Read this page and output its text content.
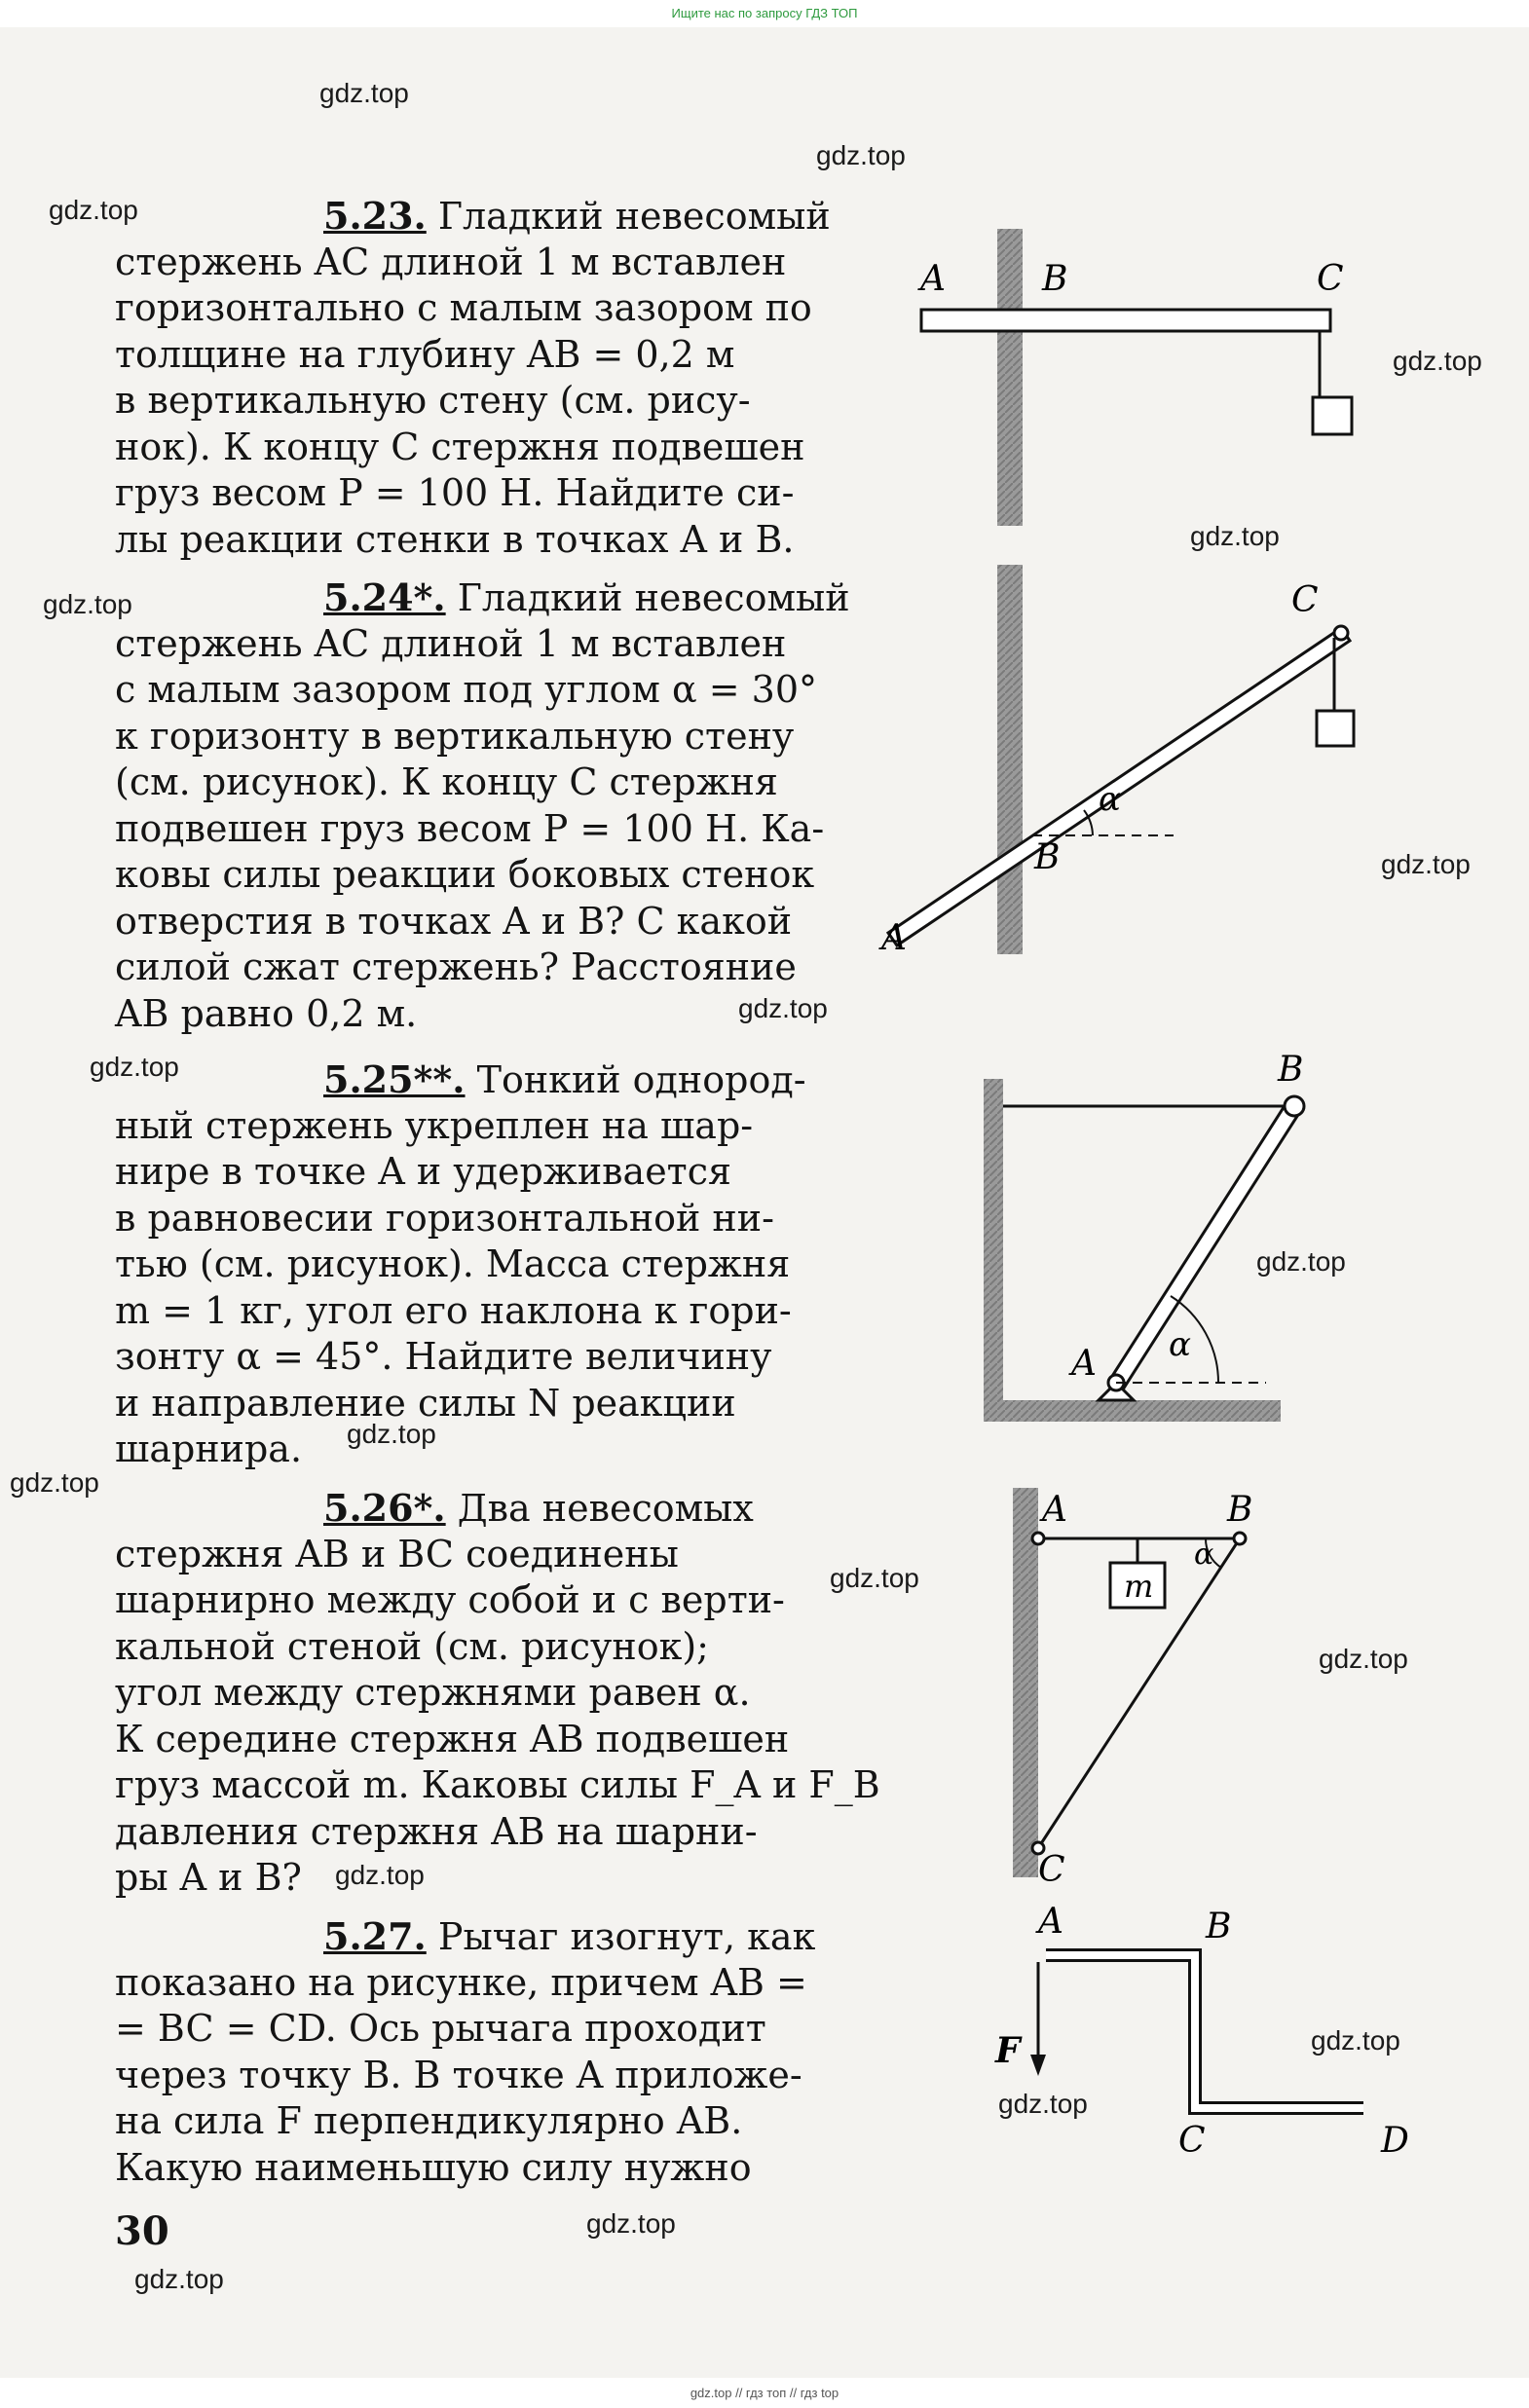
Ищите нас по запросу ГДЗ ТОП
5.23. Гладкий невесомый
стержень AC длиной 1 м вставлен
горизонтально с малым зазором по
толщине на глубину AB = 0,2 м
в вертикальную стену (см. рису-
нок). К концу C стержня подвешен
груз весом P = 100 Н. Найдите си-
лы реакции стенки в точках A и B.
5.24*. Гладкий невесомый
стержень AC длиной 1 м вставлен
с малым зазором под углом α = 30°
к горизонту в вертикальную стену
(см. рисунок). К концу C стержня
подвешен груз весом P = 100 Н. Ка-
ковы силы реакции боковых стенок
отверстия в точках A и B? С какой
силой сжат стержень? Расстояние
AB равно 0,2 м.
5.25**. Тонкий однород-
ный стержень укреплен на шар-
нире в точке A и удерживается
в равновесии горизонтальной ни-
тью (см. рисунок). Масса стержня
m = 1 кг, угол его наклона к гори-
зонту α = 45°. Найдите величину
и направление силы N реакции
шарнира.
5.26*. Два невесомых
стержня AB и BC соединены
шарнирно между собой и с верти-
кальной стеной (см. рисунок);
угол между стержнями равен α.
К середине стержня AB подвешен
груз массой m. Каковы силы F_A и F_B
давления стержня AB на шарни-
ры A и B?
5.27. Рычаг изогнут, как
показано на рисунке, причем AB =
= BC = CD. Ось рычага проходит
через точку B. В точке A приложе-
на сила F перпендикулярно AB.
Какую наименьшую силу нужно
30
A	B	C
C
B
A
α
B
A α
A	B
C
m
α
A	B
C	D
F
gdz.top
gdz.top
gdz.top
gdz.top
gdz.top
gdz.top
gdz.top
gdz.top
gdz.top
gdz.top
gdz.top
gdz.top
gdz.top
gdz.top
gdz.top
gdz.top
gdz.top
gdz.top
gdz.top
gdz.top // гдз топ // гдз top
